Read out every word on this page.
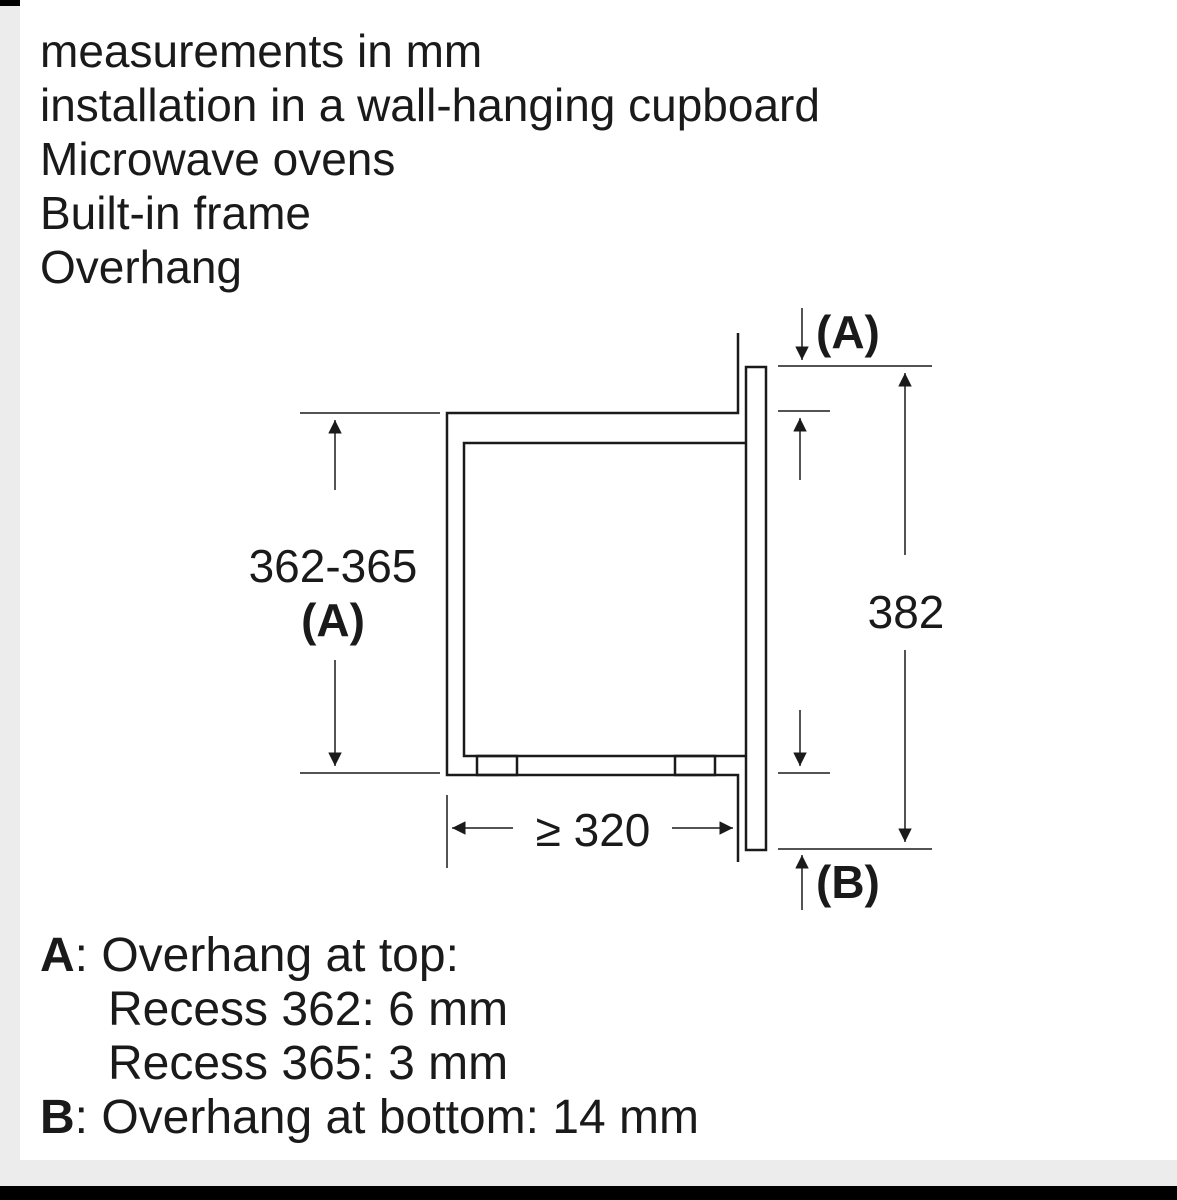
measurements in mm
installation in a wall-hanging cupboard
Microwave ovens
Built-in frame
Overhang
362-365
(A)	382
≥ 320
(A)
(B)
A: Overhang at top:
Recess 362: 6 mm
Recess 365: 3 mm
B: Overhang at bottom: 14 mm
